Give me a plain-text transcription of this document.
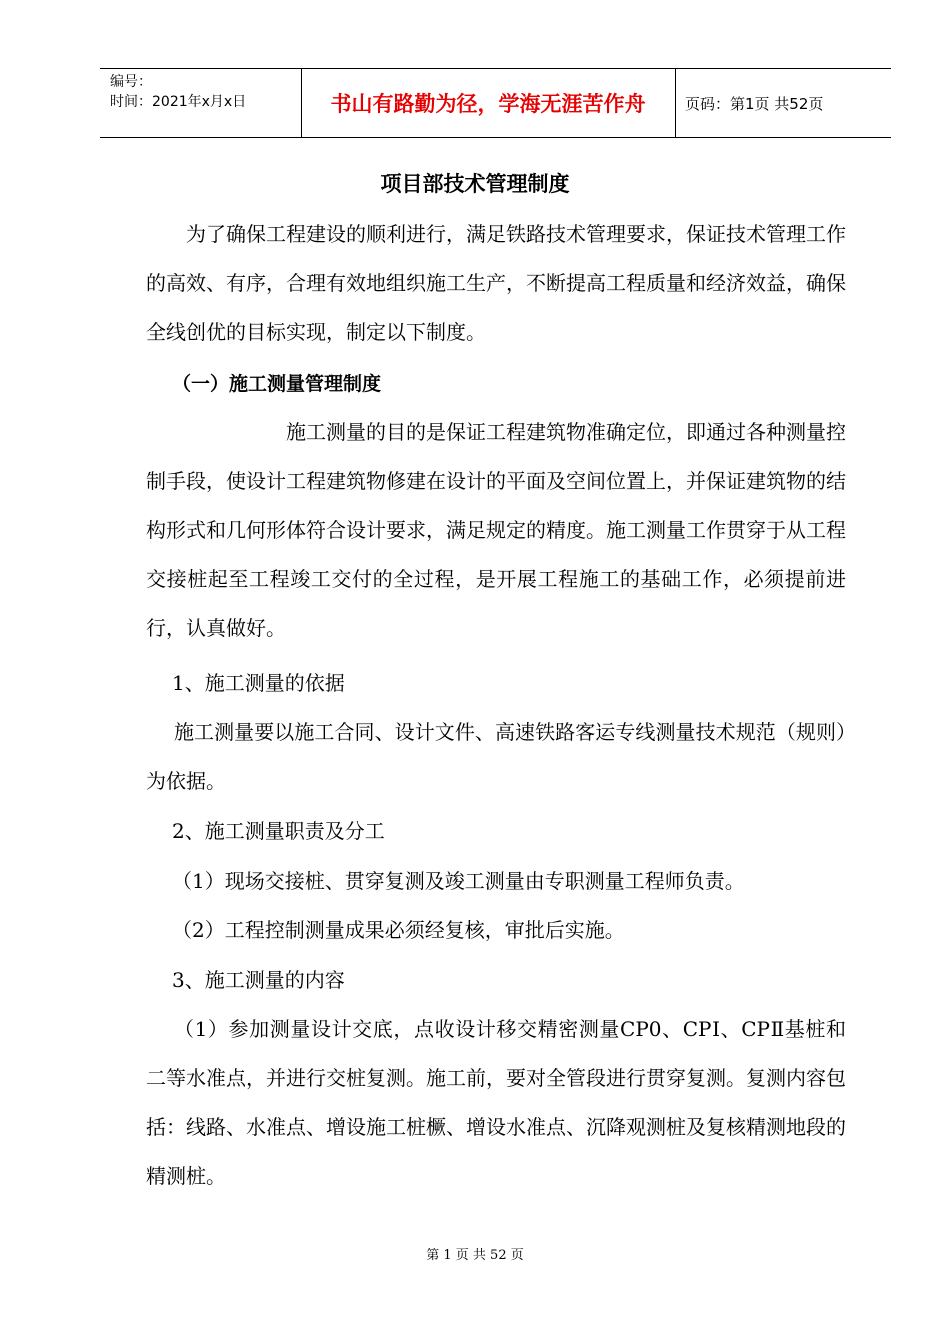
编号：
时间：2021年x月x日	书山有路勤为径，学海无涯苦作舟	页码：第1页 共52页
项目部技术管理制度

为了确保工程建设的顺利进行，满足铁路技术管理要求，保证技术管理工作的高效、有序，合理有效地组织施工生产，不断提高工程质量和经济效益，确保全线创优的目标实现，制定以下制度。

（一）施工测量管理制度

施工测量的目的是保证工程建筑物准确定位，即通过各种测量控制手段，使设计工程建筑物修建在设计的平面及空间位置上，并保证建筑物的结构形式和几何形体符合设计要求，满足规定的精度。施工测量工作贯穿于从工程交接桩起至工程竣工交付的全过程，是开展工程施工的基础工作，必须提前进行，认真做好。

1、施工测量的依据

施工测量要以施工合同、设计文件、高速铁路客运专线测量技术规范（规则）为依据。

2、施工测量职责及分工
（1）现场交接桩、贯穿复测及竣工测量由专职测量工程师负责。
（2）工程控制测量成果必须经复核，审批后实施。
3、施工测量的内容

（1）参加测量设计交底，点收设计移交精密测量CP0、CPⅠ、CPⅡ基桩和二等水准点，并进行交桩复测。施工前，要对全管段进行贯穿复测。复测内容包括：线路、水准点、增设施工桩橛、增设水准点、沉降观测桩及复核精测地段的精测桩。

第 1 页 共 52 页
